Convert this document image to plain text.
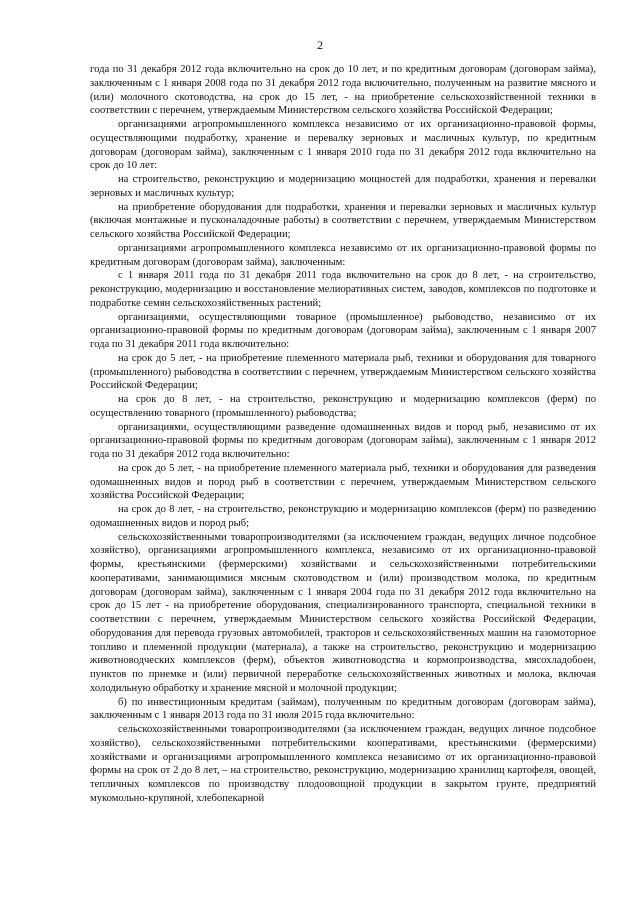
2

года по 31 декабря 2012 года включительно на срок до 10 лет, и по кредитным договорам (договорам займа), заключенным с 1 января 2008 года по 31 декабря 2012 года включительно, полученным на развитие мясного и (или) молочного скотоводства, на срок до 15 лет, - на приобретение сельскохозяйственной техники в соответствии с перечнем, утверждаемым Министерством сельского хозяйства Российской Федерации;

организациями агропромышленного комплекса независимо от их организационно-правовой формы, осуществляющими подработку, хранение и перевалку зерновых и масличных культур, по кредитным договорам (договорам займа), заключенным с 1 января 2010 года по 31 декабря 2012 года включительно на срок до 10 лет:

на строительство, реконструкцию и модернизацию мощностей для подработки, хранения и перевалки зерновых и масличных культур;

на приобретение оборудования для подработки, хранения и перевалки зерновых и масличных культур (включая монтажные и пусконаладочные работы) в соответствии с перечнем, утверждаемым Министерством сельского хозяйства Российской Федерации;

организациями агропромышленного комплекса независимо от их организационно-правовой формы по кредитным договорам (договорам займа), заключенным:

с 1 января 2011 года по 31 декабря 2011 года включительно на срок до 8 лет, - на строительство, реконструкцию, модернизацию и восстановление мелиоративных систем, заводов, комплексов по подготовке и подработке семян сельскохозяйственных растений;

организациями, осуществляющими товарное (промышленное) рыбоводство, независимо от их организационно-правовой формы по кредитным договорам (договорам займа), заключенным с 1 января 2007 года по 31 декабря 2011 года включительно:

на срок до 5 лет, - на приобретение племенного материала рыб, техники и оборудования для товарного (промышленного) рыбоводства в соответствии с перечнем, утверждаемым Министерством сельского хозяйства Российской Федерации;

на срок до 8 лет, - на строительство, реконструкцию и модернизацию комплексов (ферм) по осуществлению товарного (промышленного) рыбоводства;

организациями, осуществляющими разведение одомашненных видов и пород рыб, независимо от их организационно-правовой формы по кредитным договорам (договорам займа), заключенным с 1 января 2012 года по 31 декабря 2012 года включительно:

на срок до 5 лет, - на приобретение племенного материала рыб, техники и оборудования для разведения одомашненных видов и пород рыб в соответствии с перечнем, утверждаемым Министерством сельского хозяйства Российской Федерации;

на срок до 8 лет, - на строительство, реконструкцию и модернизацию комплексов (ферм) по разведению одомашненных видов и пород рыб;

сельскохозяйственными товаропроизводителями (за исключением граждан, ведущих личное подсобное хозяйство), организациями агропромышленного комплекса, независимо от их организационно-правовой формы, крестьянскими (фермерскими) хозяйствами и сельскохозяйственными потребительскими кооперативами, занимающимися мясным скотоводством и (или) производством молока, по кредитным договорам (договорам займа), заключенным с 1 января 2004 года по 31 декабря 2012 года включительно на срок до 15 лет - на приобретение оборудования, специализированного транспорта, специальной техники в соответствии с перечнем, утверждаемым Министерством сельского хозяйства Российской Федерации, оборудования для перевода грузовых автомобилей, тракторов и сельскохозяйственных машин на газомоторное топливо и племенной продукции (материала), а также на строительство, реконструкцию и модернизацию животноводческих комплексов (ферм), объектов животноводства и кормопроизводства, мясохладобоен, пунктов по приемке и (или) первичной переработке сельскохозяйственных животных и молока, включая холодильную обработку и хранение мясной и молочной продукции;

б) по инвестиционным кредитам (займам), полученным по кредитным договорам (договорам займа), заключенным с 1 января 2013 года по 31 июля 2015 года включительно:

сельскохозяйственными товаропроизводителями (за исключением граждан, ведущих личное подсобное хозяйство), сельскохозяйственными потребительскими кооперативами, крестьянскими (фермерскими) хозяйствами и организациями агропромышленного комплекса независимо от их организационно-правовой формы на срок от 2 до 8 лет, – на строительство, реконструкцию, модернизацию хранилищ картофеля, овощей, тепличных комплексов по производству плодоовощной продукции в закрытом грунте, предприятий мукомольно-крупяной, хлебопекарной
